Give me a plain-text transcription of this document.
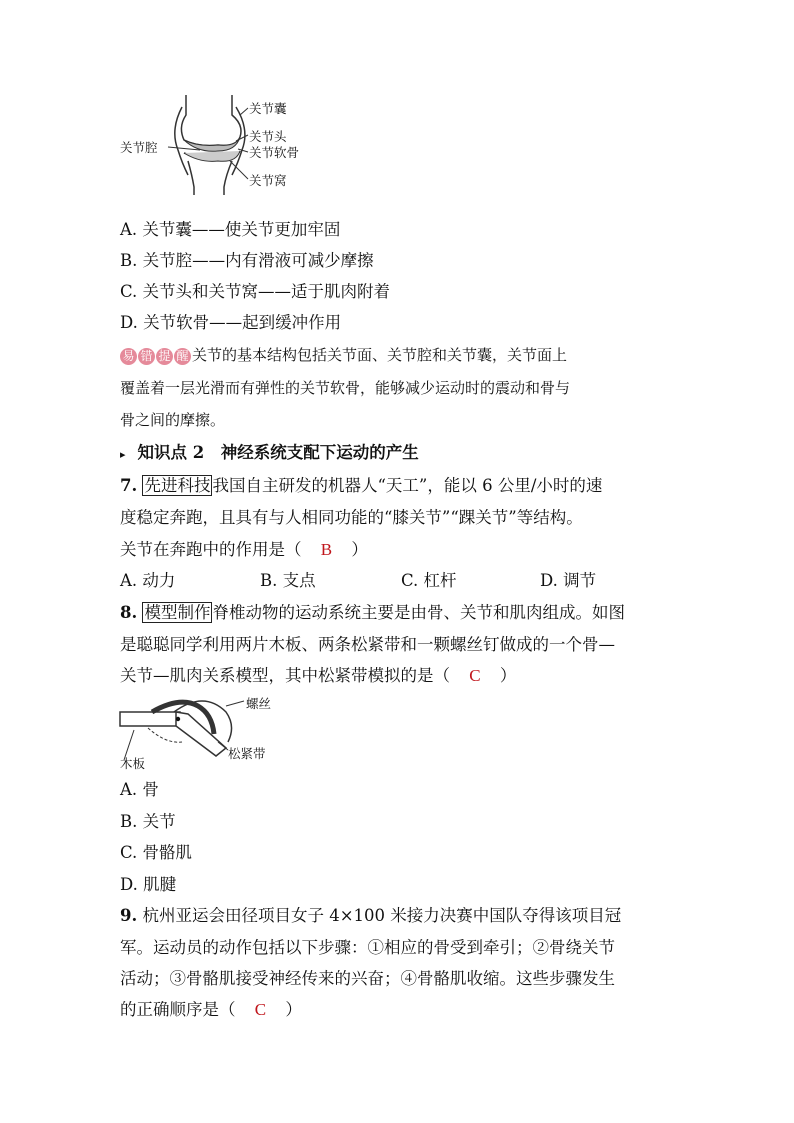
关节囊
关节头
关节软骨
关节窝
关节腔
A. 关节囊——使关节更加牢固
B. 关节腔——内有滑液可减少摩擦
C. 关节头和关节窝——适于肌肉附着
D. 关节软骨——起到缓冲作用
易 错 提 醒 关节的基本结构包括关节面、关节腔和关节囊，关节面上
覆盖着一层光滑而有弹性的关节软骨，能够减少运动时的震动和骨与
骨之间的摩擦。
▸ 知识点 2　神经系统支配下运动的产生
7. 先进科技 我国自主研发的机器人“天工”，能以 6 公里/小时的速
度稳定奔跑，且具有与人相同功能的“膝关节”“踝关节”等结构。
关节在奔跑中的作用是（ B ）
A. 动力	B. 支点	C. 杠杆	D. 调节
8. 模型制作 脊椎动物的运动系统主要是由骨、关节和肌肉组成。如图
是聪聪同学利用两片木板、两条松紧带和一颗螺丝钉做成的一个骨—
关节—肌肉关系模型，其中松紧带模拟的是（ C ）
螺丝
松紧带
木板
A. 骨
B. 关节
C. 骨骼肌
D. 肌腱
9. 杭州亚运会田径项目女子 4×100 米接力决赛中国队夺得该项目冠
军。运动员的动作包括以下步骤：①相应的骨受到牵引；②骨绕关节
活动；③骨骼肌接受神经传来的兴奋；④骨骼肌收缩。这些步骤发生
的正确顺序是（ C ）
